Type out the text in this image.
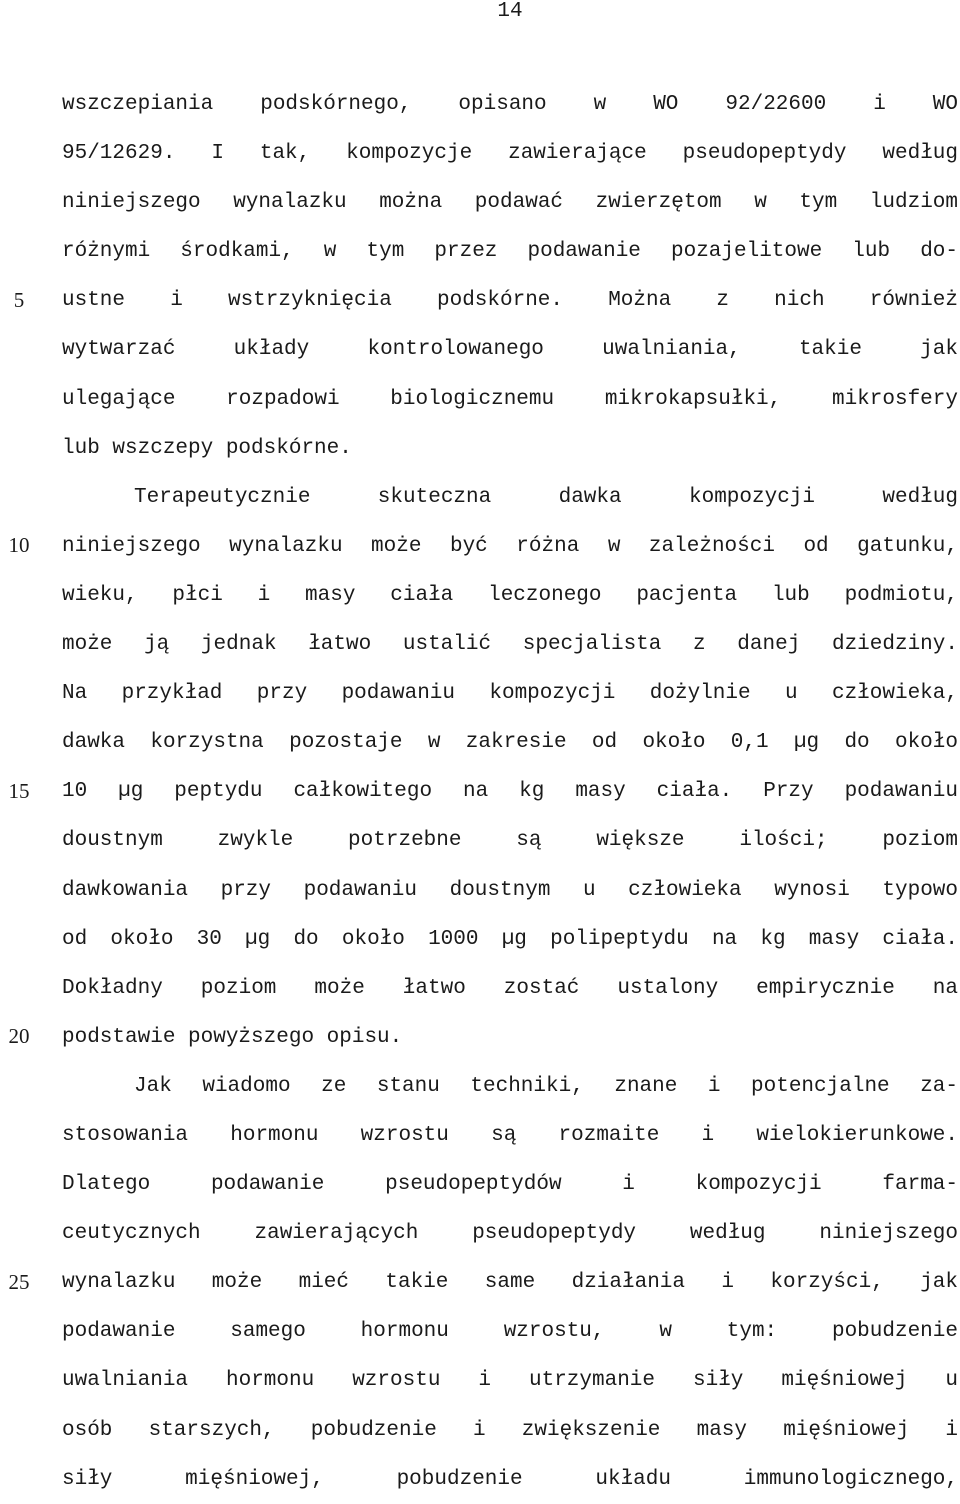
14
5
10
15
20
25
wszczepiania podskórnego, opisano w WO 92/22600 i WO
95/12629. I tak, kompozycje zawierające pseudopeptydy według
niniejszego wynalazku można podawać zwierzętom w tym ludziom
różnymi środkami, w tym przez podawanie pozajelitowe lub do-
ustne i wstrzyknięcia podskórne. Można z nich również
wytwarzać układy kontrolowanego uwalniania, takie jak
ulegające rozpadowi biologicznemu mikrokapsułki, mikrosfery
lub wszczepy podskórne.
Terapeutycznie skuteczna dawka kompozycji według
niniejszego wynalazku może być różna w zależności od gatunku,
wieku, płci i masy ciała leczonego pacjenta lub podmiotu,
może ją jednak łatwo ustalić specjalista z danej dziedziny.
Na przykład przy podawaniu kompozycji dożylnie u człowieka,
dawka korzystna pozostaje w zakresie od około 0,1 µg do około
10 µg peptydu całkowitego na kg masy ciała. Przy podawaniu
doustnym zwykle potrzebne są większe ilości; poziom
dawkowania przy podawaniu doustnym u człowieka wynosi typowo
od około 30 µg do około 1000 µg polipeptydu na kg masy ciała.
Dokładny poziom może łatwo zostać ustalony empirycznie na
podstawie powyższego opisu.
Jak wiadomo ze stanu techniki, znane i potencjalne za-
stosowania hormonu wzrostu są rozmaite i wielokierunkowe.
Dlatego podawanie pseudopeptydów i kompozycji farma-
ceutycznych zawierających pseudopeptydy według niniejszego
wynalazku może mieć takie same działania i korzyści, jak
podawanie samego hormonu wzrostu, w tym: pobudzenie
uwalniania hormonu wzrostu i utrzymanie siły mięśniowej u
osób starszych, pobudzenie i zwiększenie masy mięśniowej i
siły mięśniowej, pobudzenie układu immunologicznego,
